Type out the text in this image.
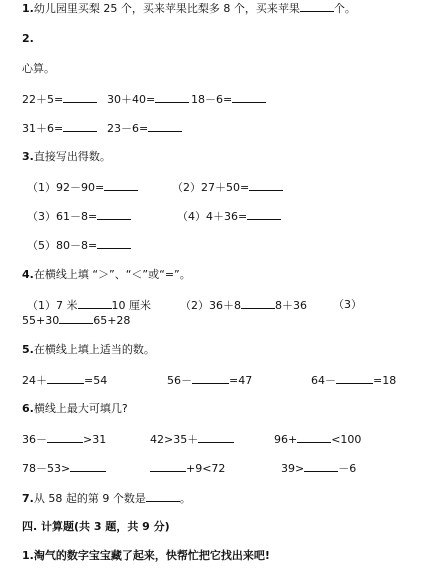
1.幼儿园里买梨 25 个，买来苹果比梨多 8 个，买来苹果	个。
2.
心算。
22＋5=	30＋40=	18－6=
31＋6=	23－6=
3.直接写出得数。
（1）92－90=	（2）27＋50=
（3）61－8=	（4）4＋36=
（5）80－8=
4.在横线上填 “＞”、“＜”或“=”。
（1）7 米	10 厘米	（2）36＋8	8＋36 （3）
55+30	65+28
5.在横线上填上适当的数。
24＋	=54	56－	=47	64－	=18
6.横线上最大可填几?
36－	>31	42>35＋	96+	<100
78－53>	+9<72	39>	－6
7.从 58 起的第 9 个数是	。
四. 计算题(共 3 题，共 9 分)
1.淘气的数字宝宝藏了起来，快帮忙把它找出来吧!
